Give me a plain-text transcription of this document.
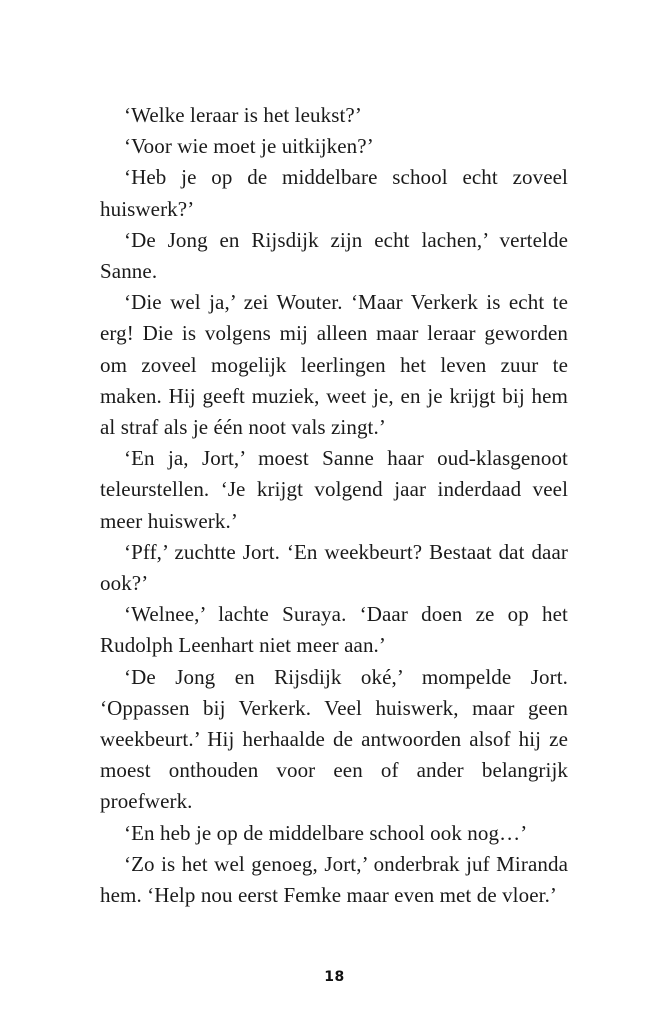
‘Welke leraar is het leukst?’

‘Voor wie moet je uitkijken?’

‘Heb je op de middelbare school echt zoveel huiswerk?’

‘De Jong en Rijsdijk zijn echt lachen,’ vertelde Sanne.

‘Die wel ja,’ zei Wouter. ‘Maar Verkerk is echt te erg! Die is volgens mij alleen maar leraar geworden om zoveel mogelijk leerlingen het leven zuur te maken. Hij geeft muziek, weet je, en je krijgt bij hem al straf als je één noot vals zingt.’

‘En ja, Jort,’ moest Sanne haar oud-klasgenoot teleurstellen. ‘Je krijgt volgend jaar inderdaad veel meer huiswerk.’

‘Pff,’ zuchtte Jort. ‘En weekbeurt? Bestaat dat daar ook?’

‘Welnee,’ lachte Suraya. ‘Daar doen ze op het Rudolph Leenhart niet meer aan.’

‘De Jong en Rijsdijk oké,’ mompelde Jort. ‘Oppassen bij Verkerk. Veel huiswerk, maar geen weekbeurt.’ Hij herhaalde de antwoorden alsof hij ze moest onthouden voor een of ander belangrijk proefwerk.

‘En heb je op de middelbare school ook nog…’

‘Zo is het wel genoeg, Jort,’ onderbrak juf Miranda hem. ‘Help nou eerst Femke maar even met de vloer.’

18
